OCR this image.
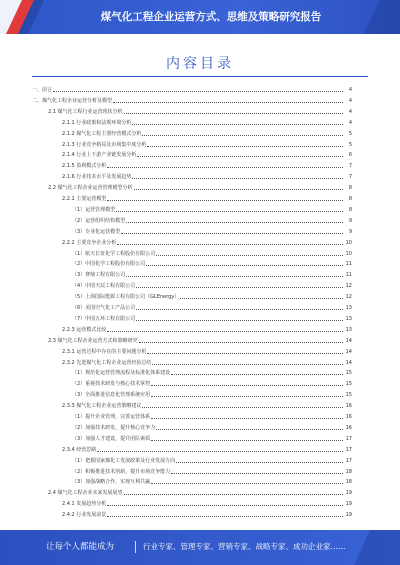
煤气化工程企业运营方式、思维及策略研究报告
内容目录
一、前言	4
二、煤气化工程企业运营分析及模型	4
2.1 煤气化工程行业运营现状分析	4
2.1.1 行业政策和法规环境分析	4
2.1.2 煤气化工程主要经营模式分析	5
2.1.3 行业竞争格局及市场集中度分析	5
2.1.4 行业上下游产业链发展分析	6
2.1.5 盈利模式分析	7
2.1.6 行业技术水平及发展趋势	7
2.2 煤气化工程企业运营管理模型分析	8
2.2.1 主要运营模型	8
（1）运营管理模型	8
（2）运营组织结构模型	9
（3）专业化运营模型	9
2.2.2 主要竞争企业分析	10
（1）航天长征化学工程股份有限公司	10
（2）中国化学工程股份有限公司	11
（3）赛鼎工程有限公司	11
（4）中国天辰工程有限公司	12
（5）上海国际能源工程有限公司（GLEnergy）	12
（6）美国空气化工产品公司	13
（7）中国五环工程有限公司	13
2.2.3 运营模式比较	13
2.3 煤气化工程企业运营方式和策略研究	14
2.3.1 运营过程中存在的主要问题分析	14
2.3.2 先进煤气化工程企业运营经验总结	14
（1）规范化运营管理流程及标准化体系建设	15
（2）重视技术研发与核心技术掌控	15
（3）全面推进信息化管理系统应用	15
2.3.3 煤气化工程企业运营策略建议	16
（1）提升企业管理，完善运营体系	16
（2）加强技术研发，提升核心竞争力	16
（3）加强人才建设，提升团队素质	17
2.3.4 经营思路	17
（1）把握国家煤化工发展政策及行业发展方向	17
（2）积极推进技术创新，提升市场竞争能力	18
（3）加强战略合作，实现互利共赢	18
2.4 煤气化工程企业未来发展展望	19
2.4.1 发展趋势分析	19
2.4.2 行业发展前景	19
让每个人都能成为	行业专家、管理专家、营销专家、战略专家、成功企业家……
